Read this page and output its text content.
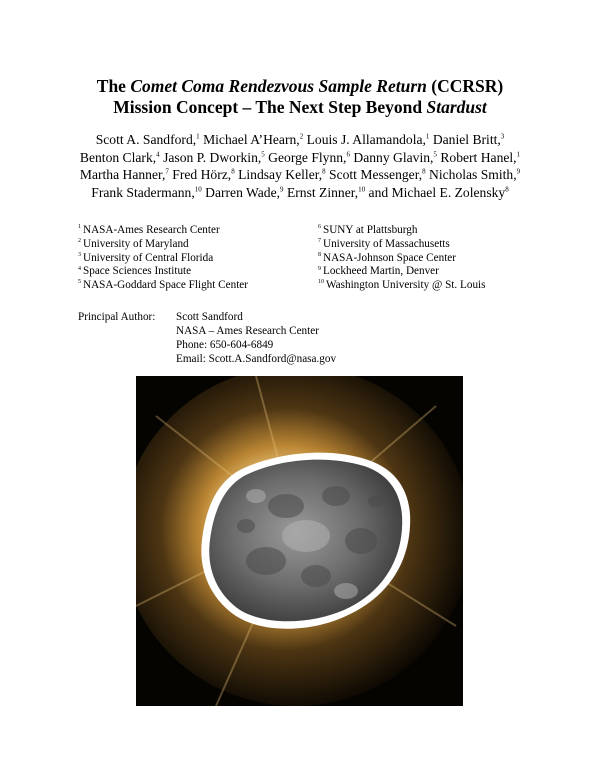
The Comet Coma Rendezvous Sample Return (CCRSR)
Mission Concept – The Next Step Beyond Stardust
Scott A. Sandford,$^1$ Michael A’Hearn,$^2$ Louis J. Allamandola,$^1$ Daniel Britt,$^3$ Benton Clark,$^4$ Jason P. Dworkin,$^5$ George Flynn,$^6$ Danny Glavin,$^5$ Robert Hanel,$^1$ Martha Hanner,$^7$ Fred Hörz,$^8$ Lindsay Keller,$^8$ Scott Messenger,$^8$ Nicholas Smith,$^9$ Frank Stadermann,$^{10}$ Darren Wade,$^9$ Ernst Zinner,$^{10}$ and Michael E. Zolensky$^8$
$^1$ NASA-Ames Research Center
$^2$ University of Maryland
$^3$ University of Central Florida
$^4$ Space Sciences Institute
$^5$ NASA-Goddard Space Flight Center
$^6$ SUNY at Plattsburgh
$^7$ University of Massachusetts
$^8$ NASA-Johnson Space Center
$^9$ Lockheed Martin, Denver
$^{10}$ Washington University @ St. Louis
Principal Author: Scott Sandford
NASA – Ames Research Center
Phone: 650-604-6849
Email: Scott.A.Sandford@nasa.gov
